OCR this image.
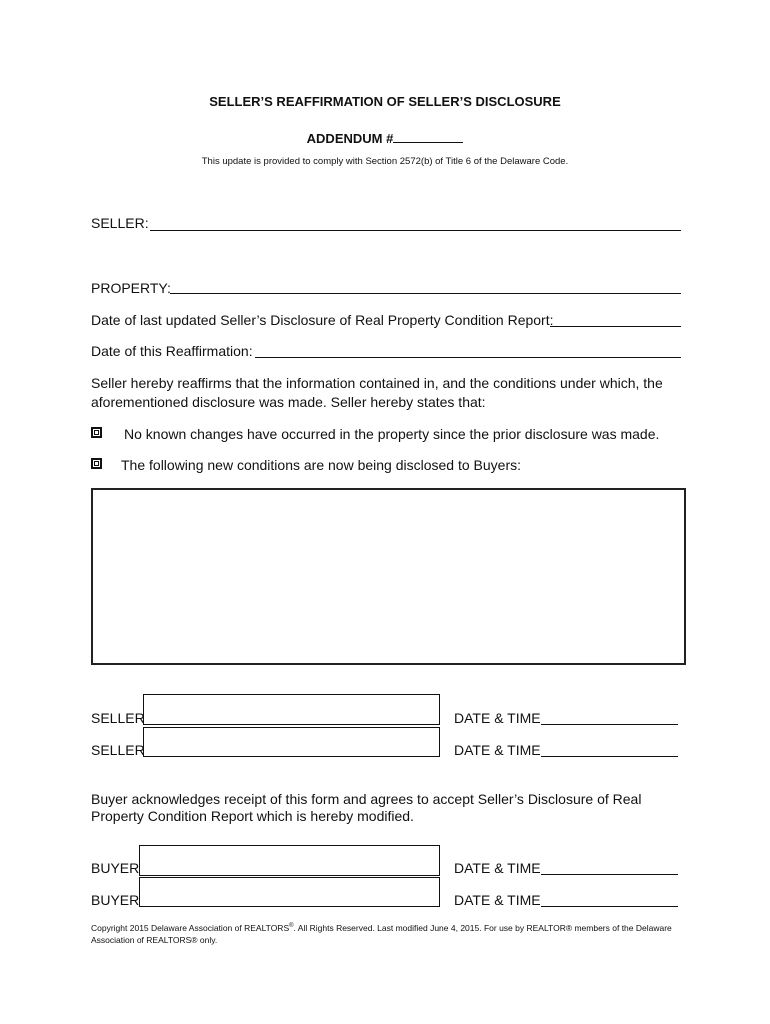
SELLER’S REAFFIRMATION OF SELLER’S DISCLOSURE
ADDENDUM #
This update is provided to comply with Section 2572(b) of Title 6 of the Delaware Code.
SELLER:
PROPERTY:
Date of last updated Seller’s Disclosure of Real Property Condition Report:
Date of this Reaffirmation:
Seller hereby reaffirms that the information contained in, and the conditions under which, the
aforementioned disclosure was made. Seller hereby states that:
No known changes have occurred in the property since the prior disclosure was made.
The following new conditions are now being disclosed to Buyers:
SELLER	DATE & TIME
SELLER	DATE & TIME
Buyer acknowledges receipt of this form and agrees to accept Seller’s Disclosure of Real
Property Condition Report which is hereby modified.
BUYER	DATE & TIME
BUYER	DATE & TIME
Copyright 2015 Delaware Association of REALTORS®. All Rights Reserved. Last modified June 4, 2015. For use by REALTOR® members of the Delaware
Association of REALTORS® only.
